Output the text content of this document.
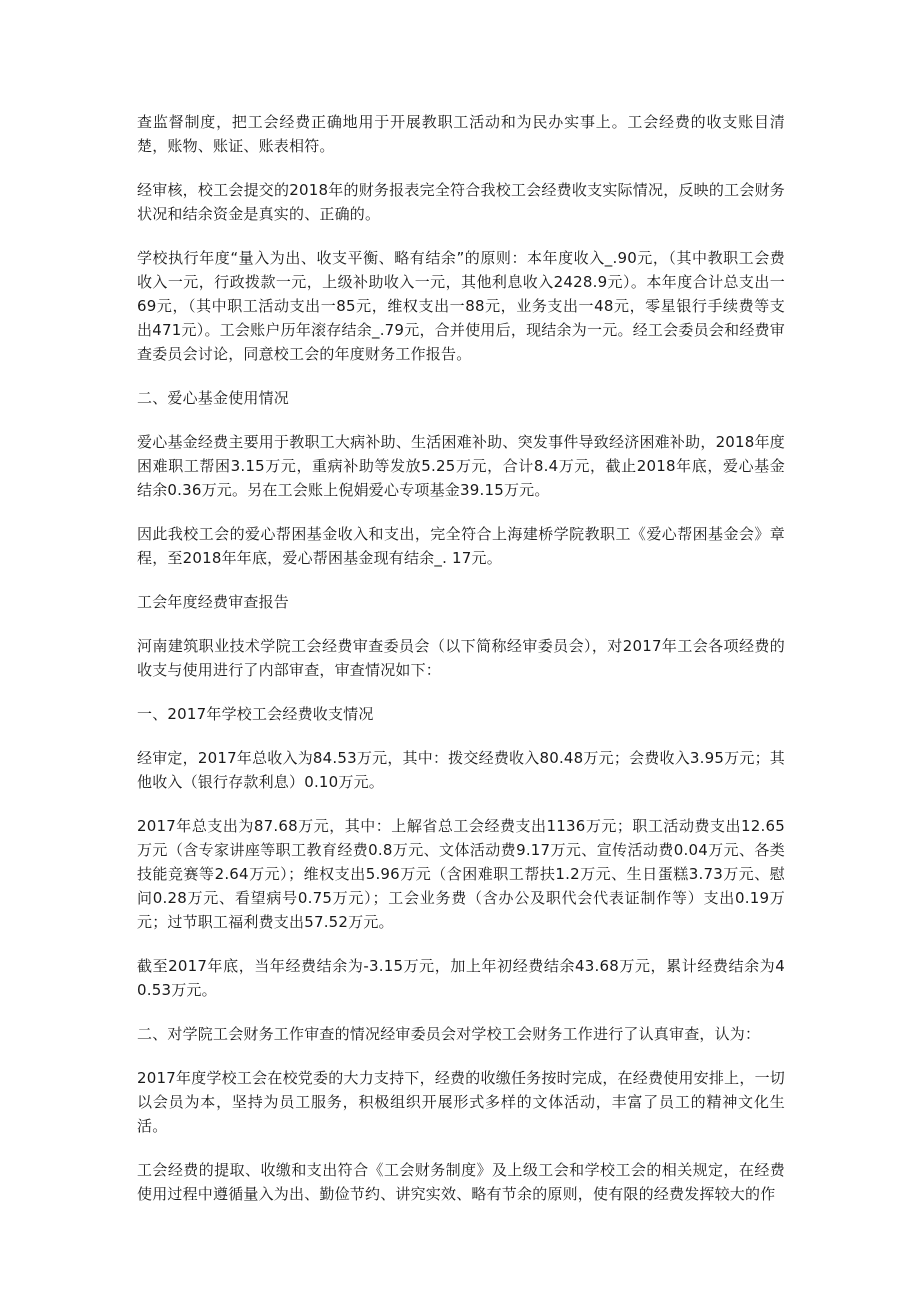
查监督制度，把工会经费正确地用于开展教职工活动和为民办实事上。工会经费的收支账目清楚，账物、账证、账表相符。

经审核，校工会提交的2018年的财务报表完全符合我校工会经费收支实际情况，反映的工会财务状况和结余资金是真实的、正确的。

学校执行年度“量入为出、收支平衡、略有结余”的原则：本年度收入_.90元，（其中教职工会费收入一元，行政拨款一元，上级补助收入一元，其他利息收入2428.9元）。本年度合计总支出一69元，（其中职工活动支出一85元，维权支出一88元，业务支出一48元，零星银行手续费等支出471元）。工会账户历年滚存结余_.79元，合并使用后，现结余为一元。经工会委员会和经费审查委员会讨论，同意校工会的年度财务工作报告。

二、爱心基金使用情况

爱心基金经费主要用于教职工大病补助、生活困难补助、突发事件导致经济困难补助，2018年度困难职工帮困3.15万元，重病补助等发放5.25万元，合计8.4万元，截止2018年底，爱心基金结余0.36万元。另在工会账上倪娟爱心专项基金39.15万元。

因此我校工会的爱心帮困基金收入和支出，完全符合上海建桥学院教职工《爱心帮困基金会》章程，至2018年年底，爱心帮困基金现有结余_. 17元。

工会年度经费审查报告

河南建筑职业技术学院工会经费审查委员会（以下简称经审委员会），对2017年工会各项经费的收支与使用进行了内部审查，审查情况如下：

一、2017年学校工会经费收支情况

经审定，2017年总收入为84.53万元，其中：拨交经费收入80.48万元；会费收入3.95万元；其他收入（银行存款利息）0.10万元。

2017年总支出为87.68万元，其中：上解省总工会经费支出1136万元；职工活动费支出12.65万元（含专家讲座等职工教育经费0.8万元、文体活动费9.17万元、宣传活动费0.04万元、各类技能竞赛等2.64万元）；维权支出5.96万元（含困难职工帮扶1.2万元、生日蛋糕3.73万元、慰问0.28万元、看望病号0.75万元）；工会业务费（含办公及职代会代表证制作等）支出0.19万元；过节职工福利费支出57.52万元。

截至2017年底，当年经费结余为-3.15万元，加上年初经费结余43.68万元，累计经费结余为40.53万元。

二、对学院工会财务工作审查的情况经审委员会对学校工会财务工作进行了认真审查，认为：

2017年度学校工会在校党委的大力支持下，经费的收缴任务按时完成，在经费使用安排上，一切以会员为本，坚持为员工服务，积极组织开展形式多样的文体活动，丰富了员工的精神文化生活。

工会经费的提取、收缴和支出符合《工会财务制度》及上级工会和学校工会的相关规定，在经费使用过程中遵循量入为出、勤俭节约、讲究实效、略有节余的原则，使有限的经费发挥较大的作
